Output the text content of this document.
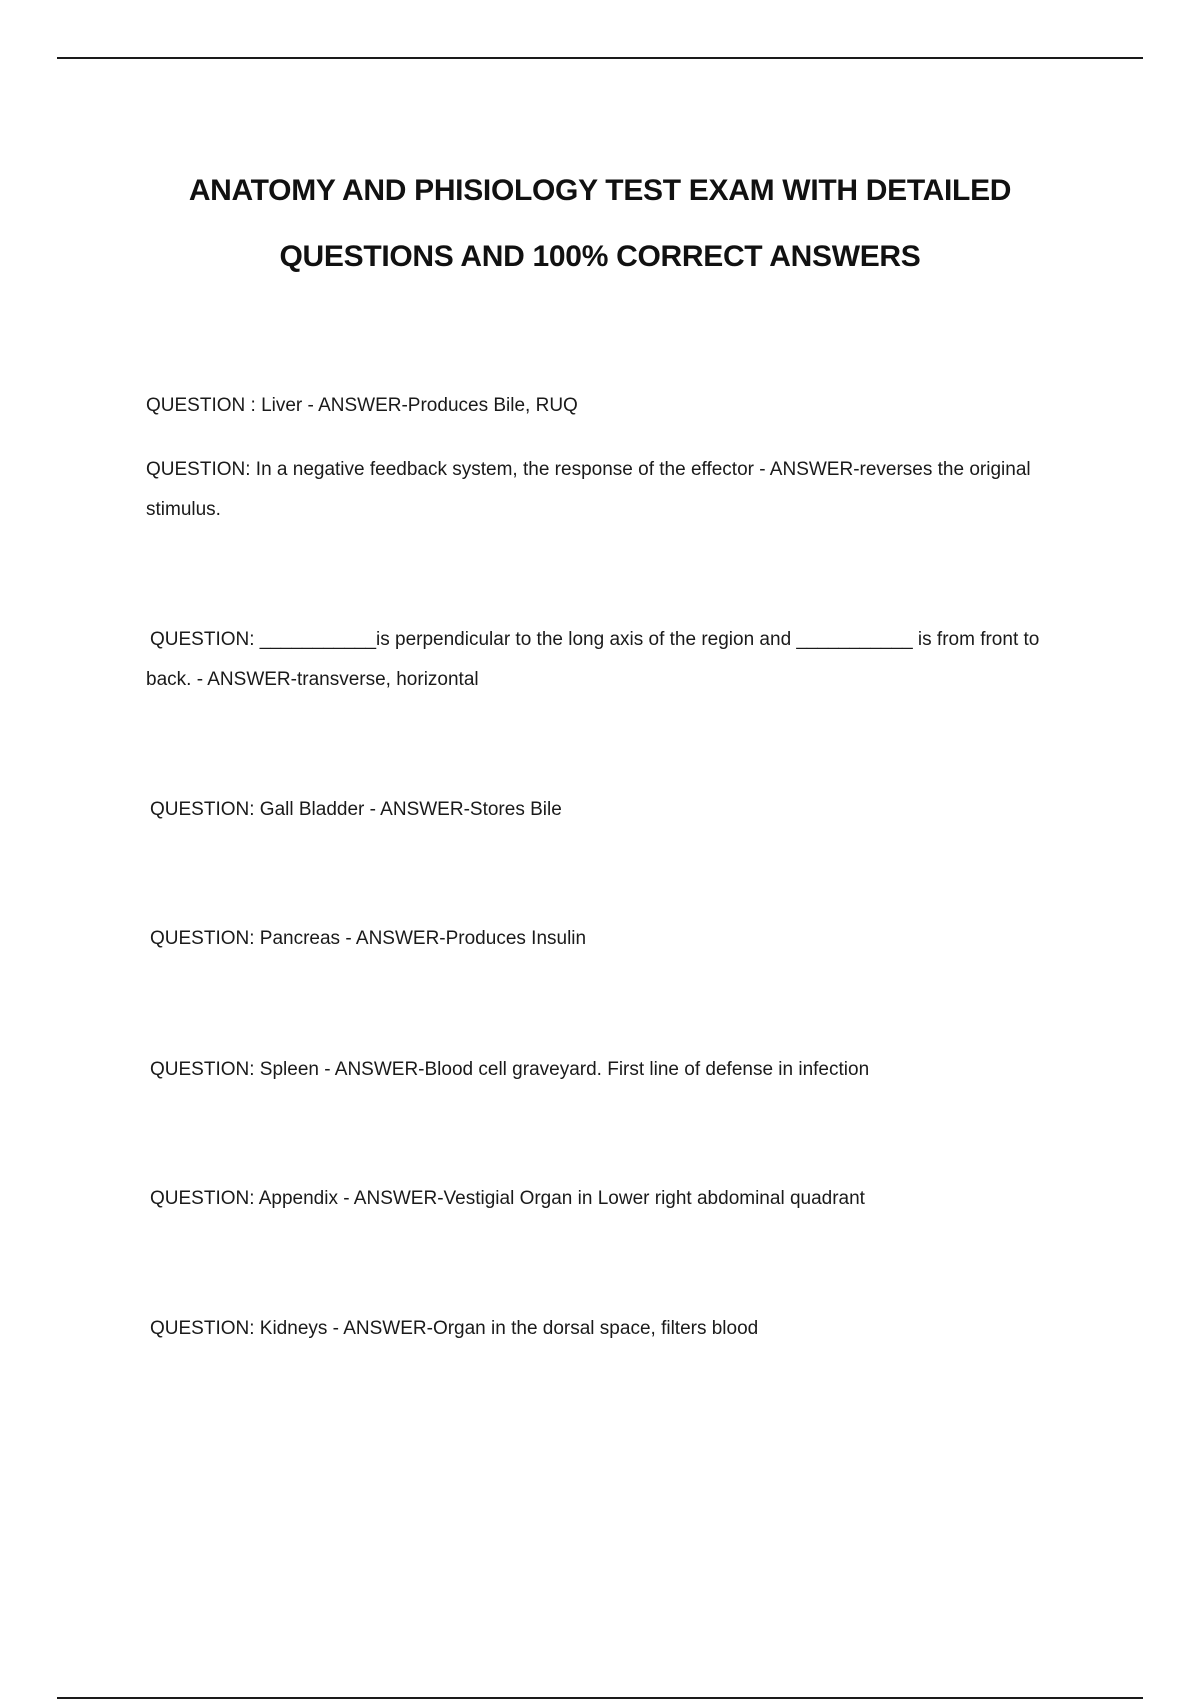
ANATOMY AND PHISIOLOGY TEST EXAM WITH DETAILED
QUESTIONS AND 100% CORRECT ANSWERS

QUESTION : Liver - ANSWER-Produces Bile, RUQ

QUESTION: In a negative feedback system, the response of the effector - ANSWER-reverses the original stimulus.

QUESTION: ___________is perpendicular to the long axis of the region and ___________ is from front to back. - ANSWER-transverse, horizontal

QUESTION: Gall Bladder - ANSWER-Stores Bile

QUESTION: Pancreas - ANSWER-Produces Insulin

QUESTION: Spleen - ANSWER-Blood cell graveyard. First line of defense in infection

QUESTION: Appendix - ANSWER-Vestigial Organ in Lower right abdominal quadrant

QUESTION: Kidneys - ANSWER-Organ in the dorsal space, filters blood
